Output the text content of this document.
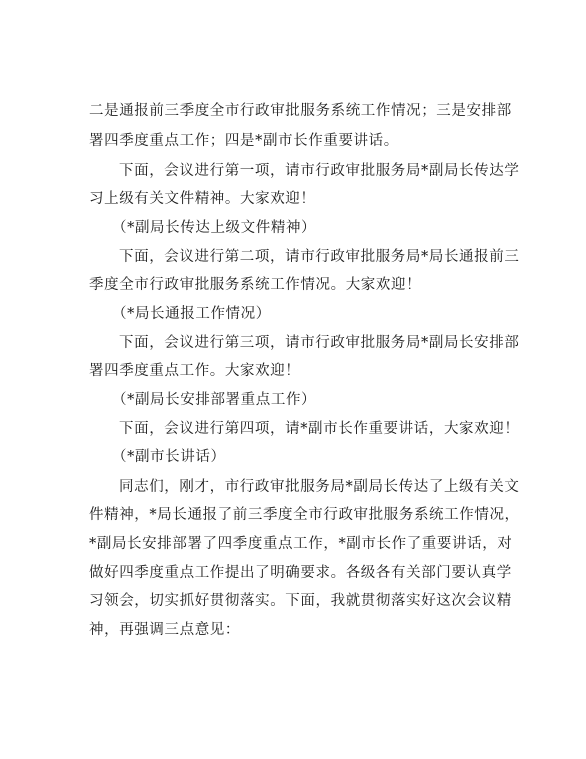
二是通报前三季度全市行政审批服务系统工作情况；三是安排部
署四季度重点工作；四是*副市长作重要讲话。
下面，会议进行第一项，请市行政审批服务局*副局长传达学
习上级有关文件精神。大家欢迎！
（*副局长传达上级文件精神）
下面，会议进行第二项，请市行政审批服务局*局长通报前三
季度全市行政审批服务系统工作情况。大家欢迎！
（*局长通报工作情况）
下面，会议进行第三项，请市行政审批服务局*副局长安排部
署四季度重点工作。大家欢迎！
（*副局长安排部署重点工作）
下面，会议进行第四项，请*副市长作重要讲话，大家欢迎！
（*副市长讲话）
同志们，刚才，市行政审批服务局*副局长传达了上级有关文
件精神，*局长通报了前三季度全市行政审批服务系统工作情况，
*副局长安排部署了四季度重点工作，*副市长作了重要讲话，对
做好四季度重点工作提出了明确要求。各级各有关部门要认真学
习领会，切实抓好贯彻落实。下面，我就贯彻落实好这次会议精
神，再强调三点意见：
